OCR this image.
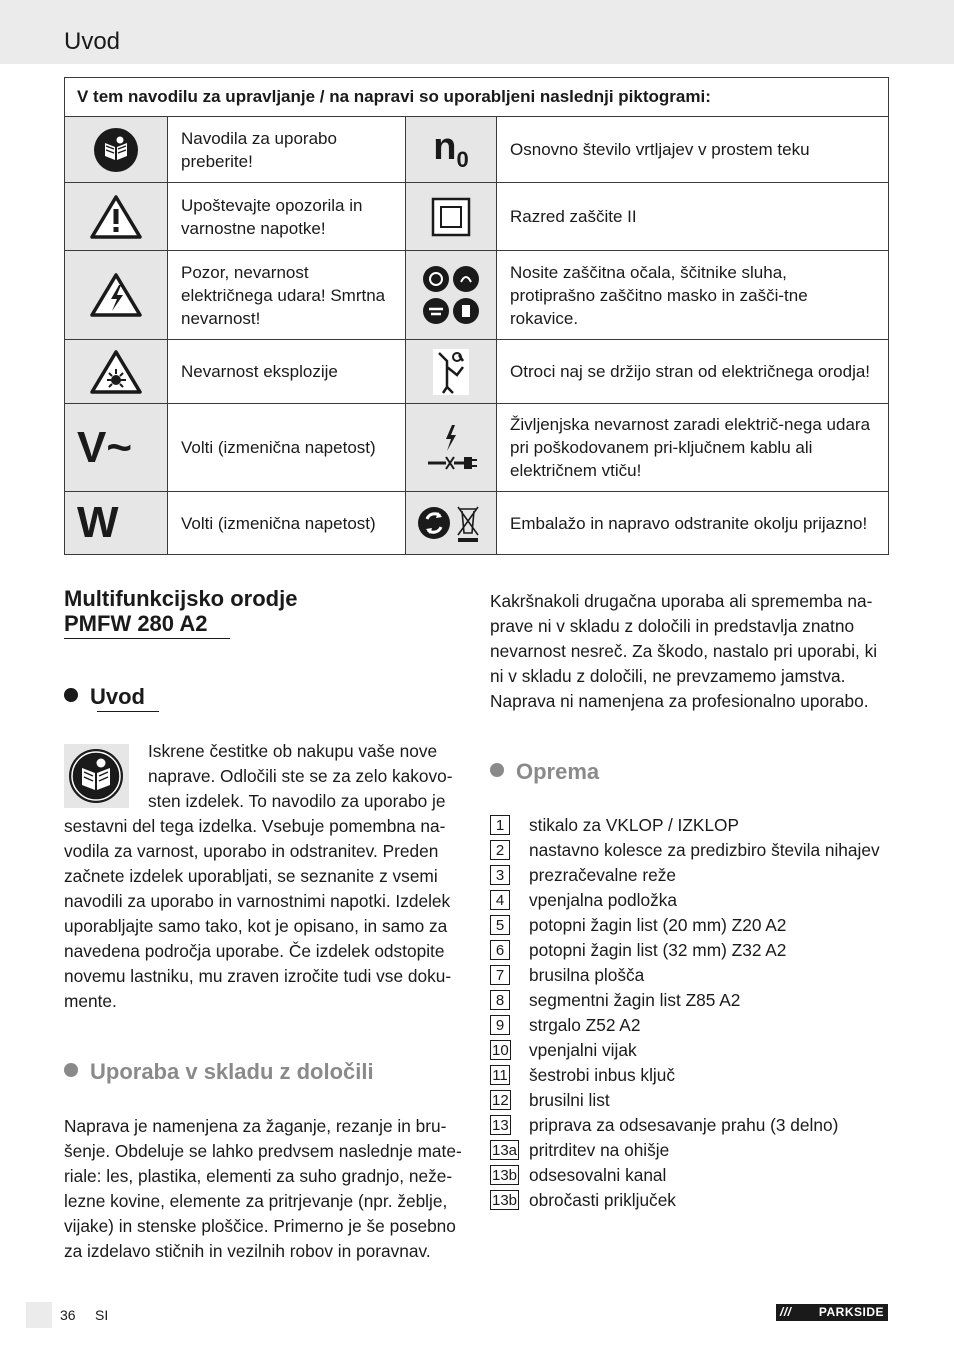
Uvod
V tem navodilu za upravljanje / na napravi so uporabljeni naslednji piktogrami:			

	Navodila za uporabo preberite!	n0	Osnovno število vrtljajev v prostem teku

	Upoštevajte opozorila in varnostne napotke!		Razred zaščite II

	Pozor, nevarnost električnega udara! Smrtna nevarnost!		Nosite zaščitna očala, ščitnike sluha, protiprašno zaščitno masko in zašči-tne rokavice.

	Nevarnost eksplozije		Otroci naj se držijo stran od električnega orodja!
V~	Volti (izmenična napetost)		Življenjska nevarnost zaradi električ-nega udara pri poškodovanem pri-ključnem kablu ali električnem vtiču!
W	Volti (izmenična napetost)		Embalažo in napravo odstranite okolju prijazno!
Multifunkcijsko orodje
PMFW 280 A2
Uvod
Iskrene čestitke ob nakupu vaše nove
naprave. Odločili ste se za zelo kakovo-
sten izdelek. To navodilo za uporabo je
sestavni del tega izdelka. Vsebuje pomembna na-
vodila za varnost, uporabo in odstranitev. Preden
začnete izdelek uporabljati, se seznanite z vsemi
navodili za uporabo in varnostnimi napotki. Izdelek
uporabljajte samo tako, kot je opisano, in samo za
navedena področja uporabe. Če izdelek odstopite
novemu lastniku, mu zraven izročite tudi vse doku-
mente.
Uporaba v skladu z določili
Naprava je namenjena za žaganje, rezanje in bru-
šenje. Obdeluje se lahko predvsem naslednje mate-
riale: les, plastika, elementi za suho gradnjo, neže-
lezne kovine, elemente za pritrjevanje (npr. žeblje,
vijake) in stenske ploščice. Primerno je še posebno
za izdelavo stičnih in vezilnih robov in poravnav.
Kakršnakoli drugačna uporaba ali sprememba na-
prave ni v skladu z določili in predstavlja znatno
nevarnost nesreč. Za škodo, nastalo pri uporabi, ki
ni v skladu z določili, ne prevzamemo jamstva.
Naprava ni namenjena za profesionalno uporabo.
Oprema
1	stikalo za VKLOP / IZKLOP
2	nastavno kolesce za predizbiro števila nihajev
3	prezračevalne reže
4	vpenjalna podložka
5	potopni žagin list (20 mm) Z20 A2
6	potopni žagin list (32 mm) Z32 A2
7	brusilna plošča
8	segmentni žagin list Z85 A2
9	strgalo Z52 A2
10 vpenjalni vijak
11 šestrobi inbus ključ
12 brusilni list
13 priprava za odsesavanje prahu (3 delno)
13a pritrditev na ohišje
13b odsesovalni kanal
13b obročasti priključek
36 SI	/// PARKSIDE
